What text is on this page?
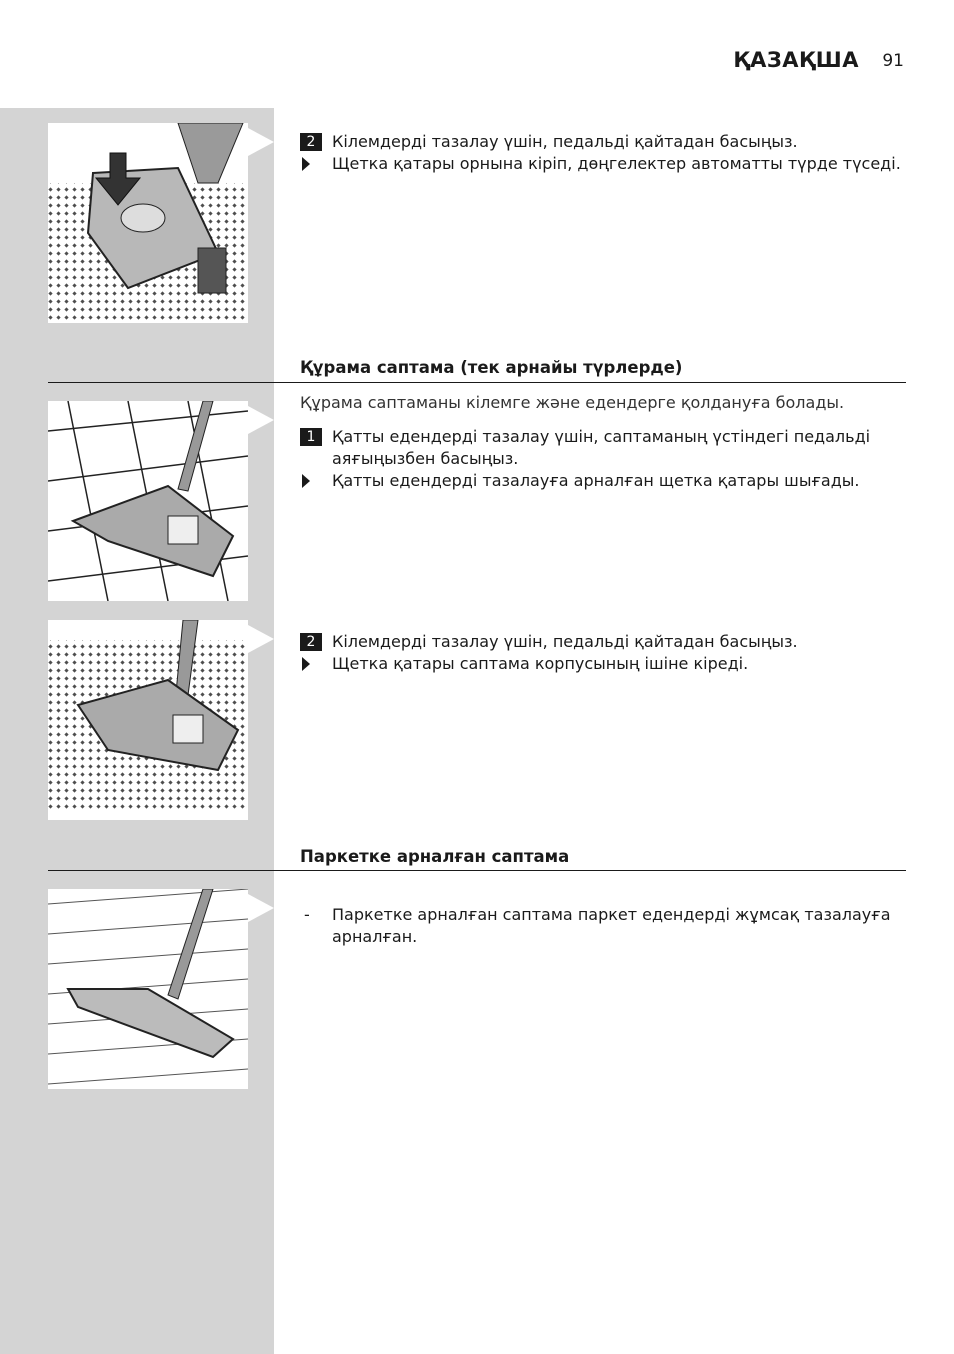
ҚАЗАҚША 91

2	Кілемдерді тазалау үшін, педальді қайтадан басыңыз.

Щетка қатары орнына кіріп, дөңгелектер автоматты түрде түседі.

Құрама саптама (тек арнайы түрлерде)

Құрама саптаманы кілемге және едендерге қолдануға болады.

1	Қатты едендерді тазалау үшін, саптаманың үстіндегі педальді аяғыңызбен басыңыз.

Қатты едендерді тазалауға арналған щетка қатары шығады.

2	Кілемдерді тазалау үшін, педальді қайтадан басыңыз.

Щетка қатары саптама корпусының ішіне кіреді.

Паркетке арналған саптама

- Паркетке арналған саптама паркет едендерді жұмсақ тазалауға арналған.
